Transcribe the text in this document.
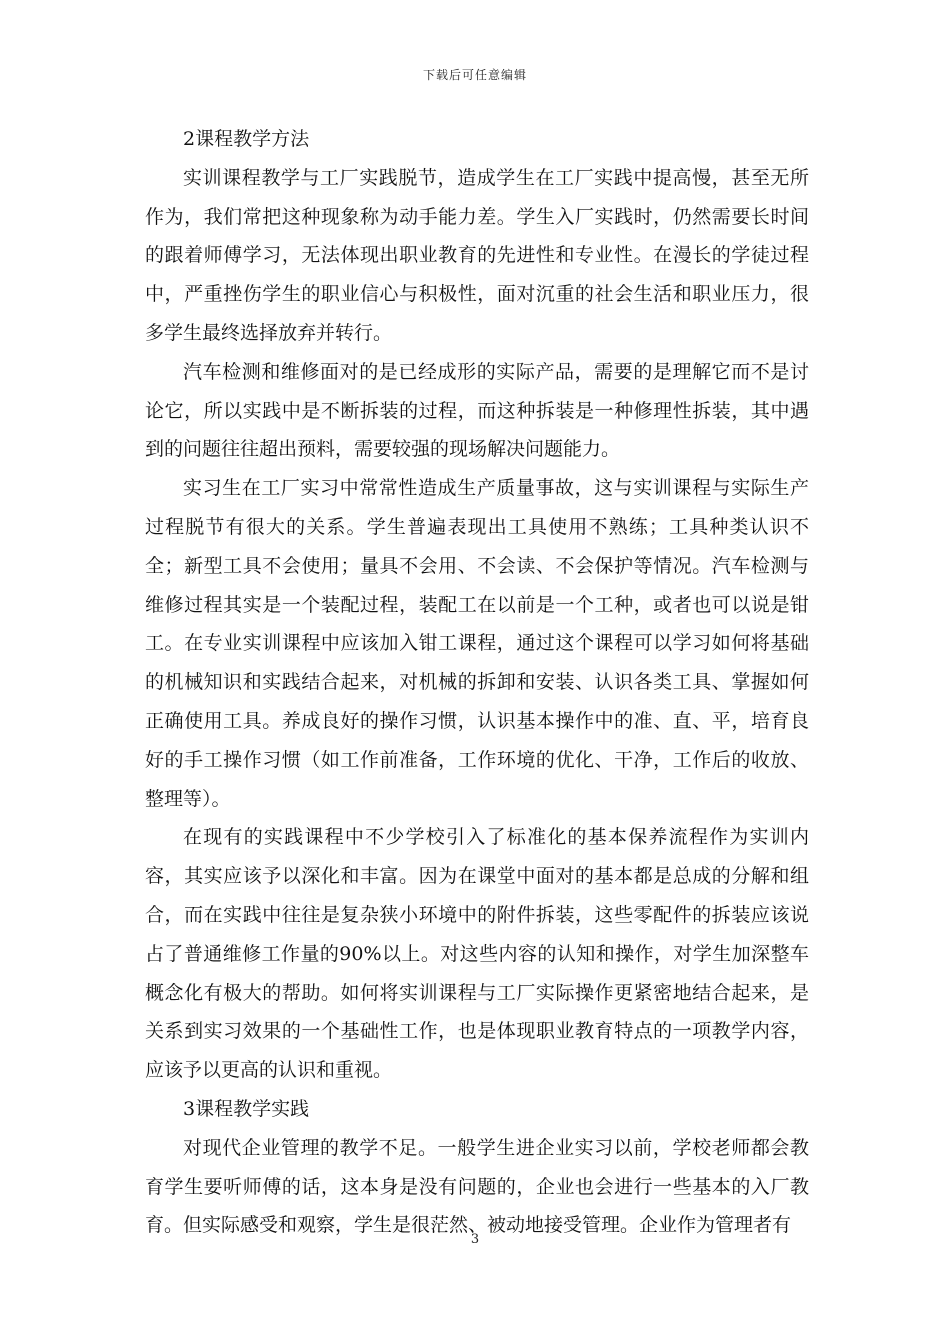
下载后可任意编辑

2课程教学方法

实训课程教学与工厂实践脱节，造成学生在工厂实践中提高慢，甚至无所作为，我们常把这种现象称为动手能力差。学生入厂实践时，仍然需要长时间的跟着师傅学习，无法体现出职业教育的先进性和专业性。在漫长的学徒过程中，严重挫伤学生的职业信心与积极性，面对沉重的社会生活和职业压力，很多学生最终选择放弃并转行。

汽车检测和维修面对的是已经成形的实际产品，需要的是理解它而不是讨论它，所以实践中是不断拆装的过程，而这种拆装是一种修理性拆装，其中遇到的问题往往超出预料，需要较强的现场解决问题能力。

实习生在工厂实习中常常性造成生产质量事故，这与实训课程与实际生产过程脱节有很大的关系。学生普遍表现出工具使用不熟练；工具种类认识不全；新型工具不会使用；量具不会用、不会读、不会保护等情况。汽车检测与维修过程其实是一个装配过程，装配工在以前是一个工种，或者也可以说是钳工。在专业实训课程中应该加入钳工课程，通过这个课程可以学习如何将基础的机械知识和实践结合起来，对机械的拆卸和安装、认识各类工具、掌握如何正确使用工具。养成良好的操作习惯，认识基本操作中的准、直、平，培育良好的手工操作习惯（如工作前准备，工作环境的优化、干净，工作后的收放、整理等）。

在现有的实践课程中不少学校引入了标准化的基本保养流程作为实训内容，其实应该予以深化和丰富。因为在课堂中面对的基本都是总成的分解和组合，而在实践中往往是复杂狭小环境中的附件拆装，这些零配件的拆装应该说占了普通维修工作量的90%以上。对这些内容的认知和操作，对学生加深整车概念化有极大的帮助。如何将实训课程与工厂实际操作更紧密地结合起来，是关系到实习效果的一个基础性工作，也是体现职业教育特点的一项教学内容，应该予以更高的认识和重视。

3课程教学实践

对现代企业管理的教学不足。一般学生进企业实习以前，学校老师都会教育学生要听师傅的话，这本身是没有问题的，企业也会进行一些基本的入厂教育。但实际感受和观察，学生是很茫然、被动地接受管理。企业作为管理者有

3
